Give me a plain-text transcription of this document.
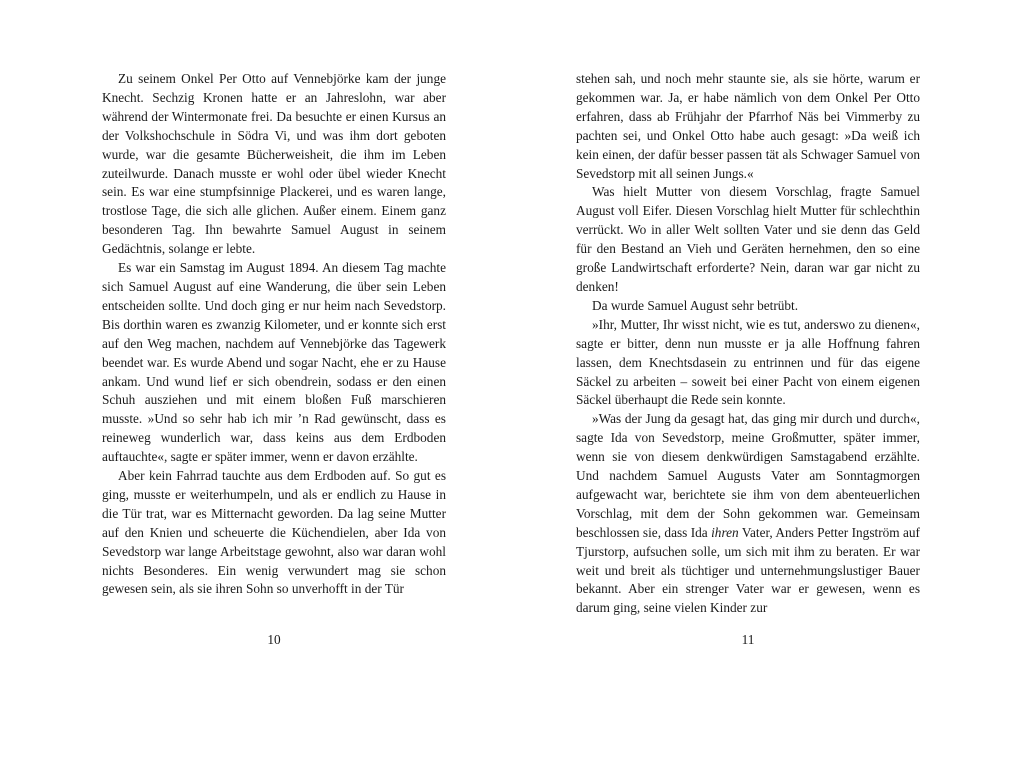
Zu seinem Onkel Per Otto auf Vennebjörke kam der junge Knecht. Sechzig Kronen hatte er an Jahreslohn, war aber während der Wintermonate frei. Da besuchte er einen Kursus an der Volkshochschule in Södra Vi, und was ihm dort geboten wurde, war die gesamte Bücherweisheit, die ihm im Leben zuteilwurde. Danach musste er wohl oder übel wieder Knecht sein. Es war eine stumpfsinnige Plackerei, und es waren lange, trostlose Tage, die sich alle glichen. Außer einem. Einem ganz besonderen Tag. Ihn bewahrte Samuel August in seinem Gedächtnis, solange er lebte.

Es war ein Samstag im August 1894. An diesem Tag machte sich Samuel August auf eine Wanderung, die über sein Leben entscheiden sollte. Und doch ging er nur heim nach Sevedstorp. Bis dorthin waren es zwanzig Kilometer, und er konnte sich erst auf den Weg machen, nachdem auf Vennebjörke das Tagewerk beendet war. Es wurde Abend und sogar Nacht, ehe er zu Hause ankam. Und wund lief er sich obendrein, sodass er den einen Schuh ausziehen und mit einem bloßen Fuß marschieren musste. »Und so sehr hab ich mir ’n Rad gewünscht, dass es reineweg wunderlich war, dass keins aus dem Erdboden auftauchte«, sagte er später immer, wenn er davon erzählte.

Aber kein Fahrrad tauchte aus dem Erdboden auf. So gut es ging, musste er weiterhumpeln, und als er endlich zu Hause in die Tür trat, war es Mitternacht geworden. Da lag seine Mutter auf den Knien und scheuerte die Küchendielen, aber Ida von Sevedstorp war lange Arbeitstage gewohnt, also war daran wohl nichts Besonderes. Ein wenig verwundert mag sie schon gewesen sein, als sie ihren Sohn so unverhofft in der Tür

stehen sah, und noch mehr staunte sie, als sie hörte, warum er gekommen war. Ja, er habe nämlich von dem Onkel Per Otto erfahren, dass ab Frühjahr der Pfarrhof Näs bei Vimmerby zu pachten sei, und Onkel Otto habe auch gesagt: »Da weiß ich kein einen, der dafür besser passen tät als Schwager Samuel von Sevedstorp mit all seinen Jungs.«

Was hielt Mutter von diesem Vorschlag, fragte Samuel August voll Eifer. Diesen Vorschlag hielt Mutter für schlechthin verrückt. Wo in aller Welt sollten Vater und sie denn das Geld für den Bestand an Vieh und Geräten hernehmen, den so eine große Landwirtschaft erforderte? Nein, daran war gar nicht zu denken!

Da wurde Samuel August sehr betrübt.

»Ihr, Mutter, Ihr wisst nicht, wie es tut, anderswo zu dienen«, sagte er bitter, denn nun musste er ja alle Hoffnung fahren lassen, dem Knechtsdasein zu entrinnen und für das eigene Säckel zu arbeiten – soweit bei einer Pacht von einem eigenen Säckel überhaupt die Rede sein konnte.

»Was der Jung da gesagt hat, das ging mir durch und durch«, sagte Ida von Sevedstorp, meine Großmutter, später immer, wenn sie von diesem denkwürdigen Samstagabend erzählte. Und nachdem Samuel Augusts Vater am Sonntagmorgen aufgewacht war, berichtete sie ihm von dem abenteuerlichen Vorschlag, mit dem der Sohn gekommen war. Gemeinsam beschlossen sie, dass Ida ihren Vater, Anders Petter Ingström auf Tjurstorp, aufsuchen solle, um sich mit ihm zu beraten. Er war weit und breit als tüchtiger und unternehmungslustiger Bauer bekannt. Aber ein strenger Vater war er gewesen, wenn es darum ging, seine vielen Kinder zur

10	11
